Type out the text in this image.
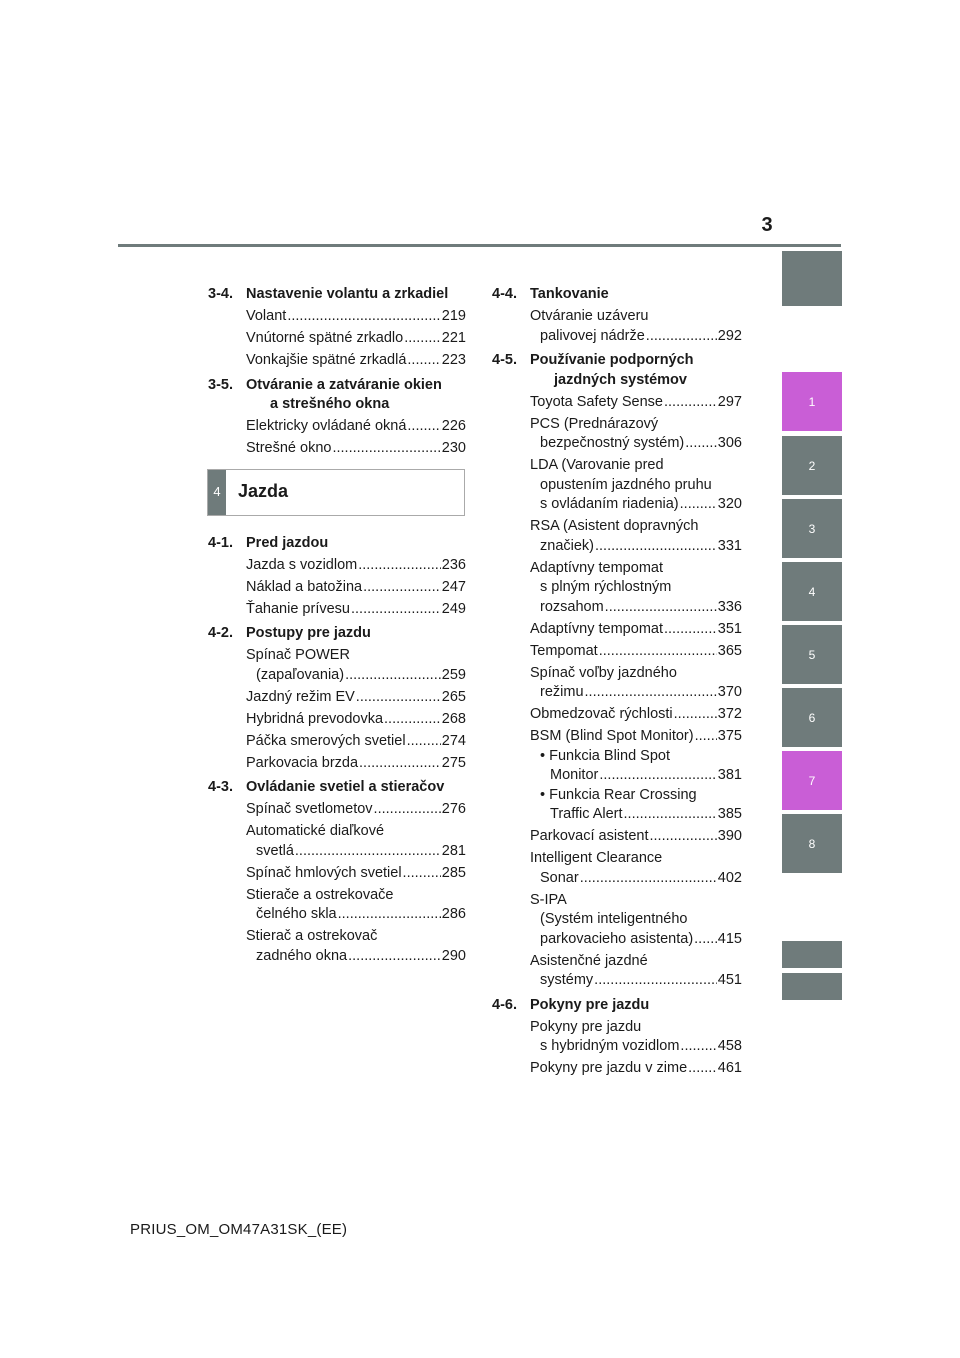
3
1
2
3
4
5
6
7
8
3-4. Nastavenie volantu a zrkadiel
Volant .....	219
Vnútorné spätné zrkadlo .....	221
Vonkajšie spätné zrkadlá ..... 223
3-5. Otváranie a zatváranie okien
a strešného okna
Elektricky ovládané okná ..... 226
Strešné okno .....	230
4 Jazda
4-1. Pred jazdou
Jazda s vozidlom .....	236
Náklad a batožina .....	247
Ťahanie prívesu .....	249
4-2. Postupy pre jazdu
Spínač POWER
(zapaľovania) .....	259
Jazdný režim EV .....	265
Hybridná prevodovka .....	268
Páčka smerových svetiel ..... 274
Parkovacia brzda .....	275
4-3. Ovládanie svetiel a stieračov
Spínač svetlometov .....	276
Automatické diaľkové
svetlá .....	281
Spínač hmlových svetiel .....	285
Stierače a ostrekovače
čelného skla .....	286
Stierač a ostrekovač
zadného okna .....	290
4-4. Tankovanie
Otváranie uzáveru
palivovej nádrže .....	292
4-5. Používanie podporných
jazdných systémov
Toyota Safety Sense .....	297
PCS (Prednárazový
bezpečnostný systém) ..... 306
LDA (Varovanie pred
opustením jazdného pruhu
s ovládaním riadenia) .....	320
RSA (Asistent dopravných
značiek) .....	331
Adaptívny tempomat
s plným rýchlostným
rozsahom .....	336
Adaptívny tempomat .....	351
Tempomat .....	365
Spínač voľby jazdného
režimu .....	370
Obmedzovač rýchlosti .....	372
BSM (Blind Spot Monitor) ..... 375
• Funkcia Blind Spot
Monitor .....	381
• Funkcia Rear Crossing
Traffic Alert .....	385
Parkovací asistent .....	390
Intelligent Clearance
Sonar .....	402
S-IPA
(Systém inteligentného
parkovacieho asistenta) ..... 415
Asistenčné jazdné
systémy .....	451
4-6. Pokyny pre jazdu
Pokyny pre jazdu
s hybridným vozidlom .....	458
Pokyny pre jazdu v zime ..... 461
PRIUS_OM_OM47A31SK_(EE)
